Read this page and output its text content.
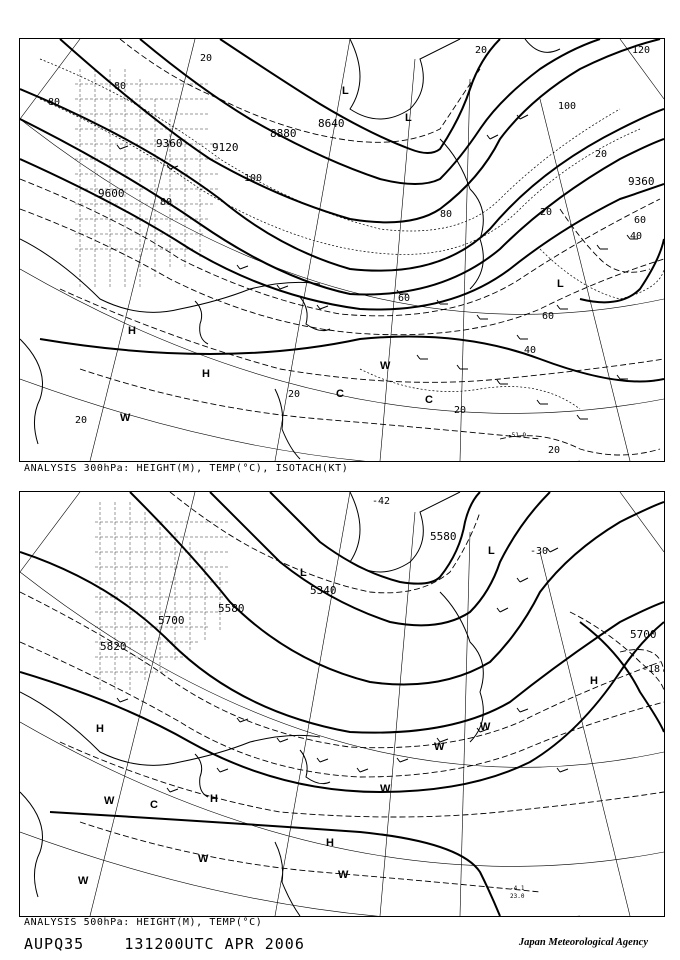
9600
9360	9120
8880
8640
9360
20
80
100
80
60
40
20
20
20	120
100
20
60
40
80
80
60
20
20
20
-51.9
H
H
W
C	C
W
L
L
L
ANALYSIS 300hPa: HEIGHT(M), TEMP(°C), ISOTACH(KT)
5820
5700
5580
5340
5580
5700
-42
-30
-18
H
W	C	H
H
W
W	W
H
W
W
L
W
L
-4.1
23.0
ANALYSIS 500hPa: HEIGHT(M), TEMP(°C)
AUPQ35	131200UTC APR 2006	Japan Meteorological Agency
